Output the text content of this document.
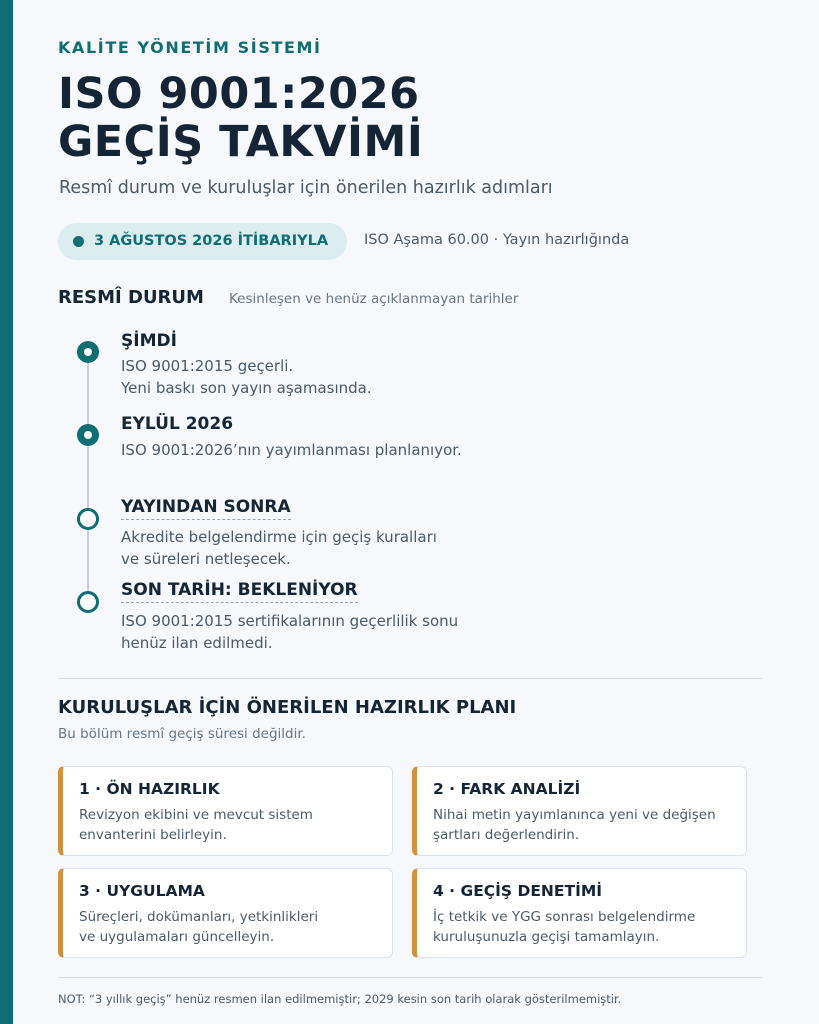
KALİTE YÖNETİM SİSTEMİ
ISO 9001:2026
GEÇİŞ TAKVİMİ
Resmî durum ve kuruluşlar için önerilen hazırlık adımları
3 AĞUSTOS 2026 İTİBARIYLA ISO Aşama 60.00 · Yayın hazırlığında
RESMÎ DURUM Kesinleşen ve henüz açıklanmayan tarihler
ŞİMDİ
ISO 9001:2015 geçerli.
Yeni baskı son yayın aşamasında.
EYLÜL 2026
ISO 9001:2026’nın yayımlanması planlanıyor.
YAYINDAN SONRA
Akredite belgelendirme için geçiş kuralları
ve süreleri netleşecek.
SON TARİH: BEKLENİYOR
ISO 9001:2015 sertifikalarının geçerlilik sonu
henüz ilan edilmedi.
KURULUŞLAR İÇİN ÖNERİLEN HAZIRLIK PLANI
Bu bölüm resmî geçiş süresi değildir.
1 · ÖN HAZIRLIK
Revizyon ekibini ve mevcut sistem
envanterini belirleyin.
2 · FARK ANALİZİ
Nihai metin yayımlanınca yeni ve değişen
şartları değerlendirin.
3 · UYGULAMA
Süreçleri, dokümanları, yetkinlikleri
ve uygulamaları güncelleyin.
4 · GEÇİŞ DENETİMİ
İç tetkik ve YGG sonrası belgelendirme
kuruluşunuzla geçişi tamamlayın.
NOT: “3 yıllık geçiş” henüz resmen ilan edilmemiştir; 2029 kesin son tarih olarak gösterilmemiştir.
